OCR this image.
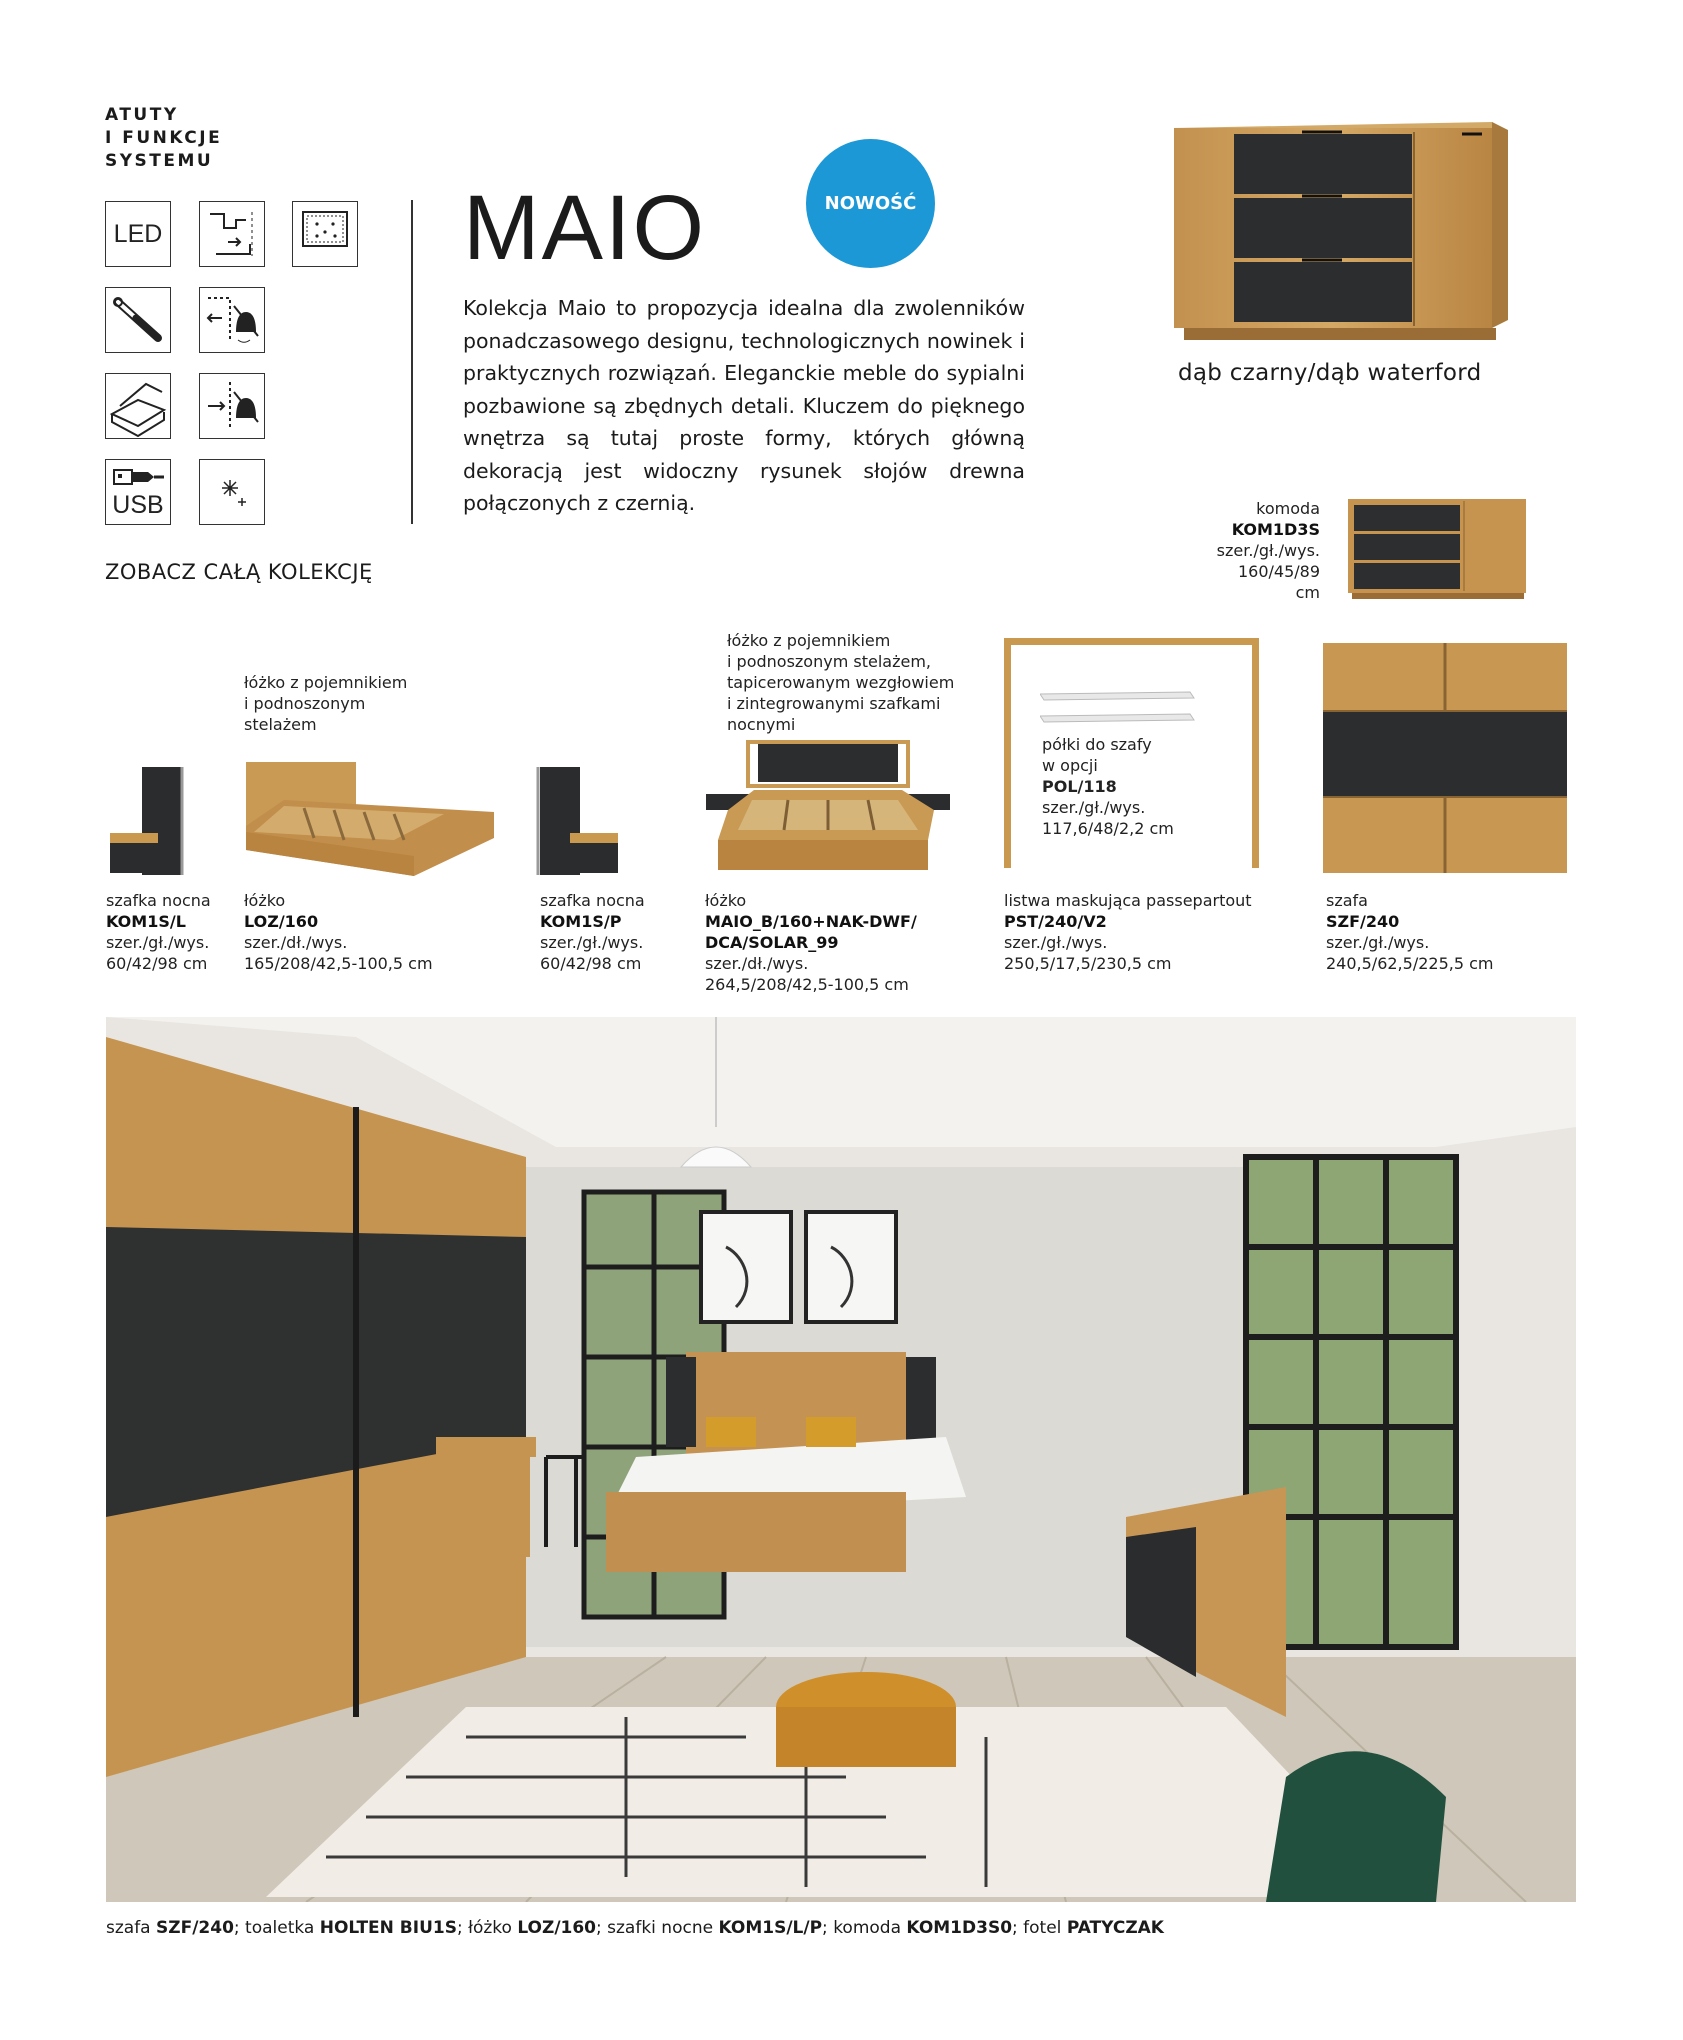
ATUTY
I FUNKCJE
SYSTEMU
LED
USB
ZOBACZ CAŁĄ KOLEKCJĘ
MAIO	NOWOŚĆ
Kolekcja Maio to propozycja idealna dla zwolenników ponadczasowego designu, technologicznych nowinek i praktycznych rozwiązań. Eleganckie meble do sypialni pozbawione są zbędnych detali. Kluczem do pięknego wnętrza są tutaj proste formy, których główną dekoracją jest widoczny rysunek słojów drewna połączonych z czernią.
dąb czarny/dąb waterford
komoda
KOM1D3S
szer./gł./wys.
160/45/89 cm
szafka nocna
KOM1S/L
szer./gł./wys.
60/42/98 cm
łóżko z pojemnikiem
i podnoszonym
stelażem
łóżko
LOZ/160
szer./dł./wys.
165/208/42,5-100,5 cm
szafka nocna
KOM1S/P
szer./gł./wys.
60/42/98 cm
łóżko z pojemnikiem
i podnoszonym stelażem,
tapicerowanym wezgłowiem
i zintegrowanymi szafkami
nocnymi
łóżko
MAIO_B/160+NAK-DWF/
DCA/SOLAR_99
szer./dł./wys.
264,5/208/42,5-100,5 cm
półki do szafy
w opcji
POL/118
szer./gł./wys.
117,6/48/2,2 cm
listwa maskująca passepartout
PST/240/V2
szer./gł./wys.
250,5/17,5/230,5 cm
szafa
SZF/240
szer./gł./wys.
240,5/62,5/225,5 cm
szafa SZF/240; toaletka HOLTEN BIU1S; łóżko LOZ/160; szafki nocne KOM1S/L/P; komoda KOM1D3S0; fotel PATYCZAK
